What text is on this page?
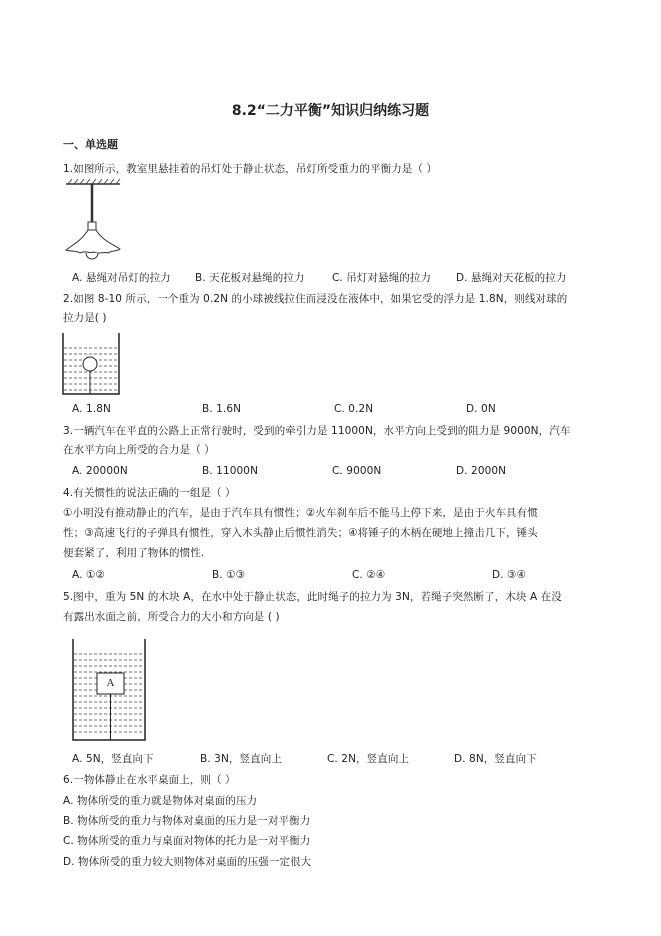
8.2“二力平衡”知识归纳练习题
一、单选题
1.如图所示，教室里悬挂着的吊灯处于静止状态，吊灯所受重力的平衡力是（ ）
A. 悬绳对吊灯的拉力 B. 天花板对悬绳的拉力	C. 吊灯对悬绳的拉力 D. 悬绳对天花板的拉力
2.如图 8-10 所示，一个重为 0.2N 的小球被线拉住而浸没在液体中，如果它受的浮力是 1.8N，则线对球的
拉力是( )
A. 1.8N	B. 1.6N	C. 0.2N	D. 0N
3.一辆汽车在平直的公路上正常行驶时，受到的牵引力是 11000N，水平方向上受到的阻力是 9000N，汽车
在水平方向上所受的合力是（ ）
A. 20000N	B. 11000N	C. 9000N	D. 2000N
4.有关惯性的说法正确的一组是（ ）
①小明没有推动静止的汽车，是由于汽车具有惯性；②火车刹车后不能马上停下来，是由于火车具有惯
性；③高速飞行的子弹具有惯性，穿入木头静止后惯性消失；④将锤子的木柄在硬地上撞击几下，锤头
便套紧了，利用了物体的惯性.
A. ①②	B. ①③	C. ②④	D. ③④
5.图中，重为 5N 的木块 A，在水中处于静止状态，此时绳子的拉力为 3N，若绳子突然断了，木块 A 在没
有露出水面之前，所受合力的大小和方向是 ( )
A
A. 5N，竖直向下	B. 3N，竖直向上	C. 2N，竖直向上	D. 8N，竖直向下
6.一物体静止在水平桌面上，则（ ）
A. 物体所受的重力就是物体对桌面的压力
B. 物体所受的重力与物体对桌面的压力是一对平衡力
C. 物体所受的重力与桌面对物体的托力是一对平衡力
D. 物体所受的重力较大则物体对桌面的压强一定很大
